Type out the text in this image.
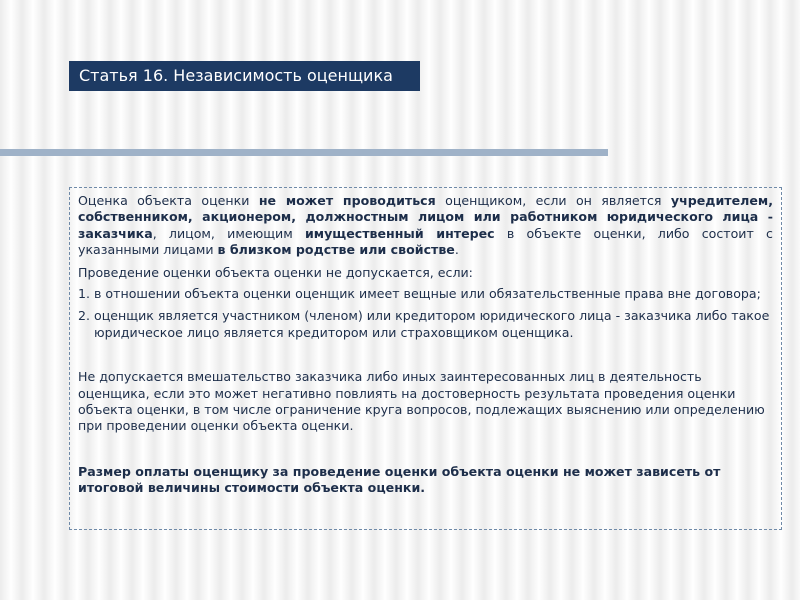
Статья 16. Независимость оценщика

Оценка объекта оценки не может проводиться оценщиком, если он является учредителем, собственником, акционером, должностным лицом или работником юридического лица - заказчика, лицом, имеющим имущественный интерес в объекте оценки, либо состоит с указанными лицами в близком родстве или свойстве.

Проведение оценки объекта оценки не допускается, если:

1. в отношении объекта оценки оценщик имеет вещные или обязательственные права вне договора;
2. оценщик является участником (членом) или кредитором юридического лица - заказчика либо такое юридическое лицо является кредитором или страховщиком оценщика.

Не допускается вмешательство заказчика либо иных заинтересованных лиц в деятельность оценщика, если это может негативно повлиять на достоверность результата проведения оценки объекта оценки, в том числе ограничение круга вопросов, подлежащих выяснению или определению при проведении оценки объекта оценки.

Размер оплаты оценщику за проведение оценки объекта оценки не может зависеть от итоговой величины стоимости объекта оценки.
